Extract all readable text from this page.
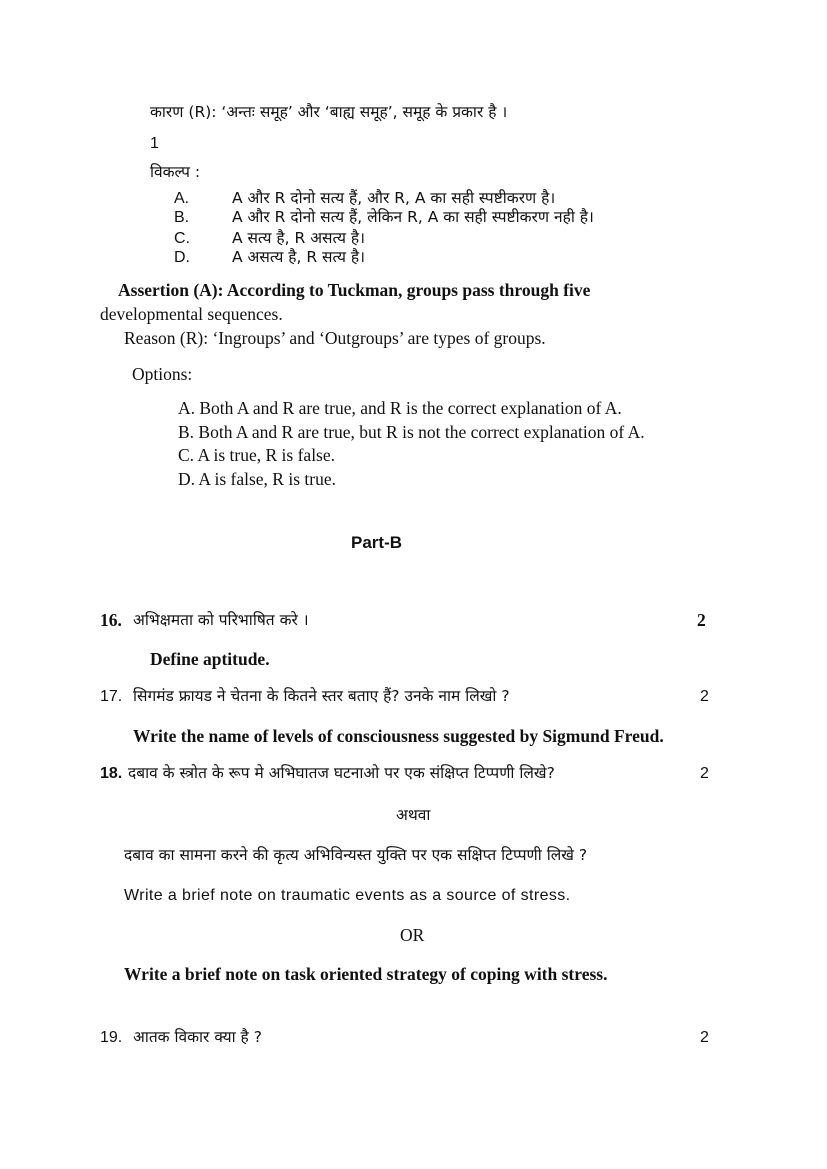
कारण (R): ‘अन्तः समूह’ और ‘बाह्य समूह’, समूह के प्रकार है ।
1
विकल्प :
A.	A और R दोनो सत्य हैं, और R, A का सही स्पष्टीकरण है।
B.	A और R दोनो सत्य हैं, लेकिन R, A का सही स्पष्टीकरण नही है।
C.	A सत्य है, R असत्य है।
D.	A असत्य है, R सत्य है।
Assertion (A): According to Tuckman, groups pass through five
developmental sequences.
Reason (R): ‘Ingroups’ and ‘Outgroups’ are types of groups.
Options:
A. Both A and R are true, and R is the correct explanation of A.
B. Both A and R are true, but R is not the correct explanation of A.
C. A is true, R is false.
D. A is false, R is true.
Part-B
16. अभिक्षमता को परिभाषित करे ।	2
Define aptitude.
17. सिगमंड फ्रायड ने चेतना के कितने स्तर बताए हैं? उनके नाम लिखो ?	2
Write the name of levels of consciousness suggested by Sigmund Freud.
18. दबाव के स्त्रोत के रूप मे अभिघातज घटनाओ पर एक संक्षिप्त टिप्पणी लिखे?	2
अथवा
दबाव का सामना करने की कृत्य अभिविन्यस्त युक्ति पर एक सक्षिप्त टिप्पणी लिखे ?
Write a brief note on traumatic events as a source of stress.
OR
Write a brief note on task oriented strategy of coping with stress.
19. आतक विकार क्या है ?	2
